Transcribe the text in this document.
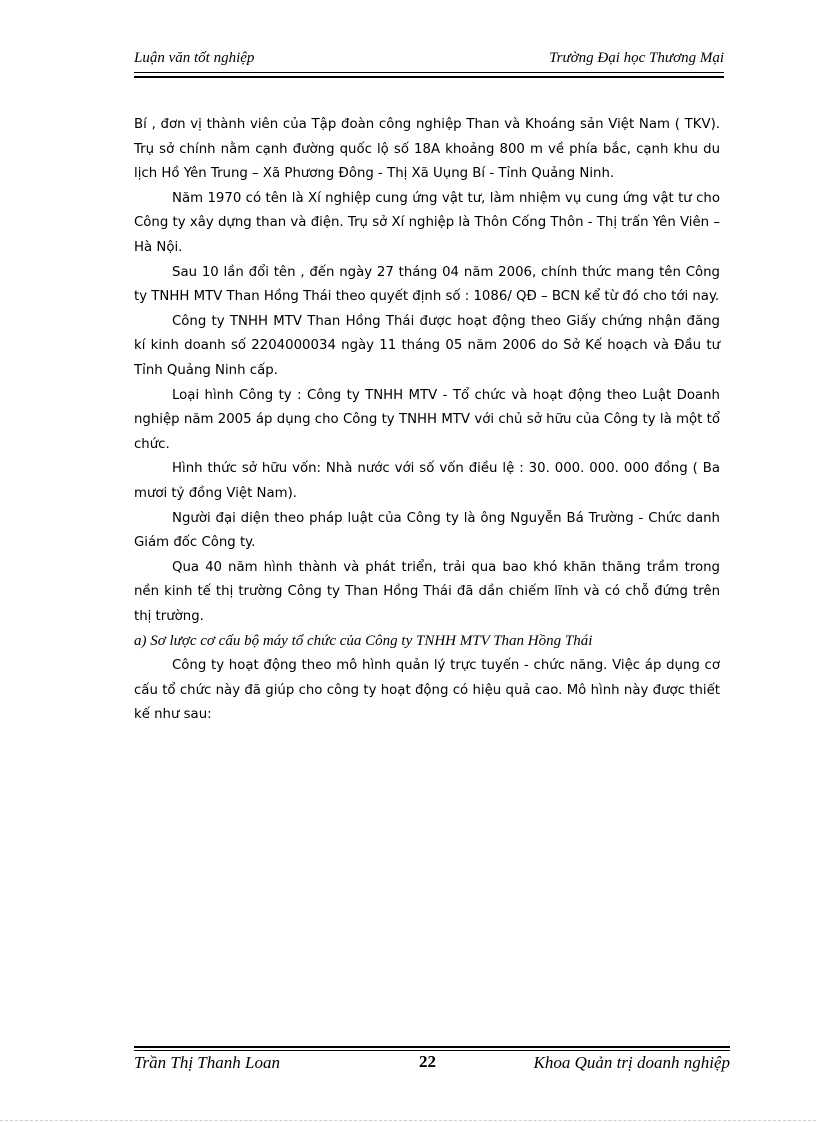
Luận văn tốt nghiệp	Trường Đại học Thương Mại

Bí , đơn vị thành viên của Tập đoàn công nghiệp Than và Khoáng sản Việt Nam ( TKV). Trụ sở chính nằm cạnh đường quốc lộ số 18A khoảng 800 m về phía bắc, cạnh khu du lịch Hồ Yên Trung – Xã Phương Đông - Thị Xã Uụng Bí - Tỉnh Quảng Ninh.

Năm 1970 có tên là Xí nghiệp cung ứng vật tư, làm nhiệm vụ cung ứng vật tư cho Công ty xây dựng than và điện. Trụ sở Xí nghiệp là Thôn Cống Thôn - Thị trấn Yên Viên – Hà Nội.

Sau 10 lần đổi tên , đến ngày 27 tháng 04 năm 2006, chính thức mang tên Công ty TNHH MTV Than Hồng Thái theo quyết định số : 1086/ QĐ – BCN kể từ đó cho tới nay.

Công ty TNHH MTV Than Hồng Thái được hoạt động theo Giấy chứng nhận đăng kí kinh doanh số 2204000034 ngày 11 tháng 05 năm 2006 do Sở Kế hoạch và Đầu tư Tỉnh Quảng Ninh cấp.

Loại hình Công ty : Công ty TNHH MTV - Tổ chức và hoạt động theo Luật Doanh nghiệp năm 2005 áp dụng cho Công ty TNHH MTV với chủ sở hữu của Công ty là một tổ chức.

Hình thức sở hữu vốn: Nhà nước với số vốn điều lệ : 30. 000. 000. 000 đồng ( Ba mươi tỷ đồng Việt Nam).

Người đại diện theo pháp luật của Công ty là ông Nguyễn Bá Trường - Chức danh Giám đốc Công ty.

Qua 40 năm hình thành và phát triển, trải qua bao khó khăn thăng trầm trong nền kinh tế thị trường Công ty Than Hồng Thái đã dần chiếm lĩnh và có chỗ đứng trên thị trường.

a) Sơ lược cơ cấu bộ máy tổ chức của Công ty TNHH MTV Than Hồng Thái

Công ty hoạt động theo mô hình quản lý trực tuyến - chức năng. Việc áp dụng cơ cấu tổ chức này đã giúp cho công ty hoạt động có hiệu quả cao. Mô hình này được thiết kế như sau:

Trần Thị Thanh Loan	22	Khoa Quản trị doanh nghiệp
